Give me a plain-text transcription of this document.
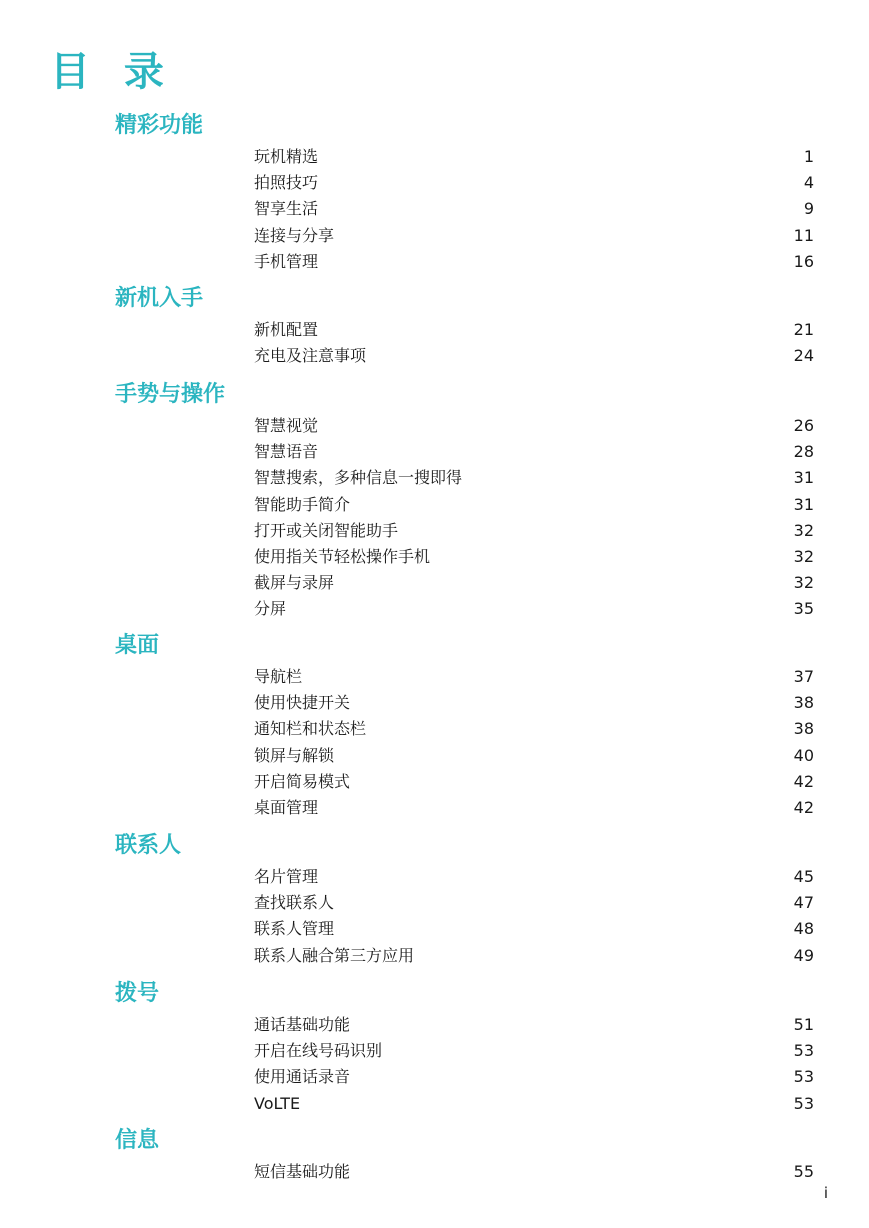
目 录
精彩功能
玩机精选	1
拍照技巧	4
智享生活	9
连接与分享	11
手机管理	16
新机入手
新机配置	21
充电及注意事项	24
手势与操作
智慧视觉	26
智慧语音	28
智慧搜索，多种信息一搜即得	31
智能助手简介	31
打开或关闭智能助手	32
使用指关节轻松操作手机	32
截屏与录屏	32
分屏	35
桌面
导航栏	37
使用快捷开关	38
通知栏和状态栏	38
锁屏与解锁	40
开启简易模式	42
桌面管理	42
联系人
名片管理	45
查找联系人	47
联系人管理	48
联系人融合第三方应用	49
拨号
通话基础功能	51
开启在线号码识别	53
使用通话录音	53
VoLTE	53
信息
短信基础功能	55
i
